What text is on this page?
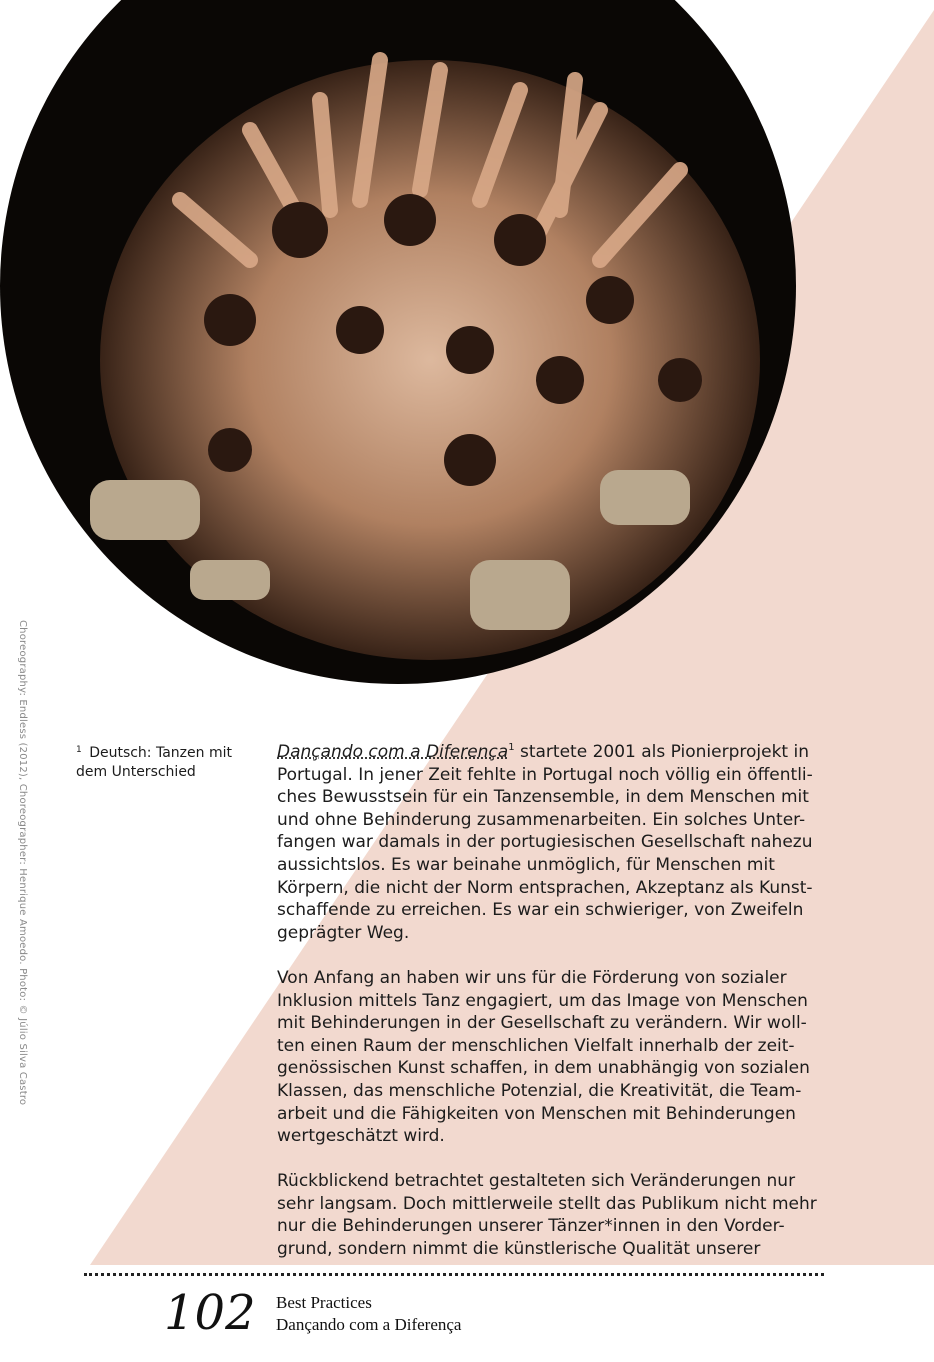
Choreography: Endless (2012), Choreographer: Henrique Amoedo. Photo: © Júlio Silva Castro	$^1$ Deutsch: Tanzen mit dem Unterschied
Dançando com a Diferença$^1$ startete 2001 als Pionierprojekt in
Portugal. In jener Zeit fehlte in Portugal noch völlig ein öffentli-
ches Bewusstsein für ein Tanzensemble, in dem Menschen mit
und ohne Behinderung zusammenarbeiten. Ein solches Unter-
fangen war damals in der portugiesischen Gesellschaft nahezu
aussichtslos. Es war beinahe unmöglich, für Menschen mit
Körpern, die nicht der Norm entsprachen, Akzeptanz als Kunst-
schaffende zu erreichen. Es war ein schwieriger, von Zweifeln
geprägter Weg.
Von Anfang an haben wir uns für die Förderung von sozialer
Inklusion mittels Tanz engagiert, um das Image von Menschen
mit Behinderungen in der Gesellschaft zu verändern. Wir woll-
ten einen Raum der menschlichen Vielfalt innerhalb der zeit-
genössischen Kunst schaffen, in dem unabhängig von sozialen
Klassen, das menschliche Potenzial, die Kreativität, die Team-
arbeit und die Fähigkeiten von Menschen mit Behinderungen
wertgeschätzt wird.
Rückblickend betrachtet gestalteten sich Veränderungen nur
sehr langsam. Doch mittlerweile stellt das Publikum nicht mehr
nur die Behinderungen unserer Tänzer*innen in den Vorder-
grund, sondern nimmt die künstlerische Qualität unserer
102 Best Practices
Dançando com a Diferença
